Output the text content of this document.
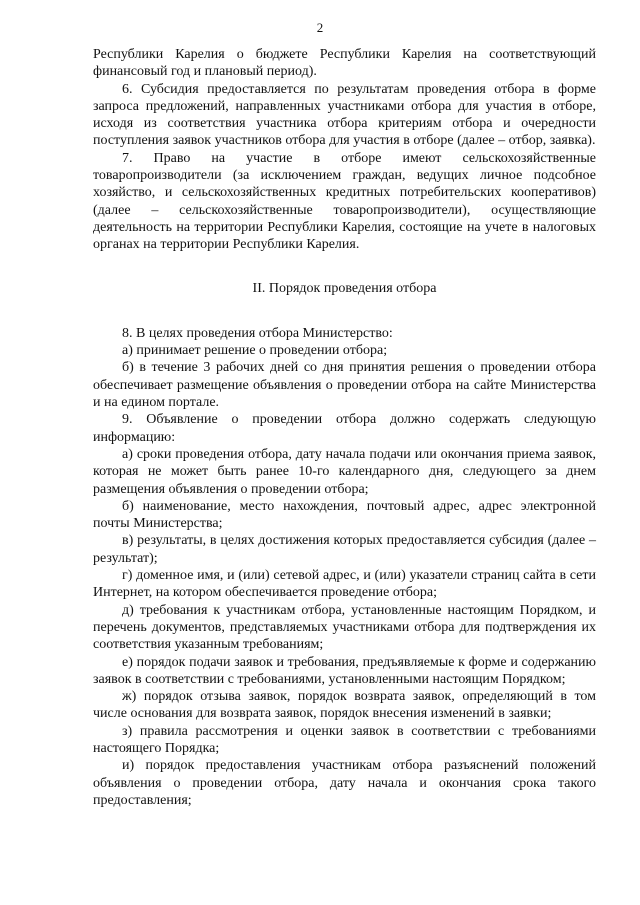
2

Республики Карелия о бюджете Республики Карелия на соответствующий финансовый год и плановый период).

6. Субсидия предоставляется по результатам проведения отбора в форме запроса предложений, направленных участниками отбора для участия в отборе, исходя из соответствия участника отбора критериям отбора и очередности поступления заявок участников отбора для участия в отборе (далее – отбор, заявка).

7. Право на участие в отборе имеют сельскохозяйственные товаропроизводители (за исключением граждан, ведущих личное подсобное хозяйство, и сельскохозяйственных кредитных потребительских кооперативов) (далее – сельскохозяйственные товаропроизводители), осуществляющие деятельность на территории Республики Карелия, состоящие на учете в налоговых органах на территории Республики Карелия.

II. Порядок проведения отбора

8. В целях проведения отбора Министерство:

а) принимает решение о проведении отбора;

б) в течение 3 рабочих дней со дня принятия решения о проведении отбора обеспечивает размещение объявления о проведении отбора на сайте Министерства и на едином портале.

9. Объявление о проведении отбора должно содержать следующую информацию:

а) сроки проведения отбора, дату начала подачи или окончания приема заявок, которая не может быть ранее 10-го календарного дня, следующего за днем размещения объявления о проведении отбора;

б) наименование, место нахождения, почтовый адрес, адрес электронной почты Министерства;

в) результаты, в целях достижения которых предоставляется субсидия (далее – результат);

г) доменное имя, и (или) сетевой адрес, и (или) указатели страниц сайта в сети Интернет, на котором обеспечивается проведение отбора;

д) требования к участникам отбора, установленные настоящим Порядком, и перечень документов, представляемых участниками отбора для подтверждения их соответствия указанным требованиям;

е) порядок подачи заявок и требования, предъявляемые к форме и содержанию заявок в соответствии с требованиями, установленными настоящим Порядком;

ж) порядок отзыва заявок, порядок возврата заявок, определяющий в том числе основания для возврата заявок, порядок внесения изменений в заявки;

з) правила рассмотрения и оценки заявок в соответствии с требованиями настоящего Порядка;

и) порядок предоставления участникам отбора разъяснений положений объявления о проведении отбора, дату начала и окончания срока такого предоставления;
